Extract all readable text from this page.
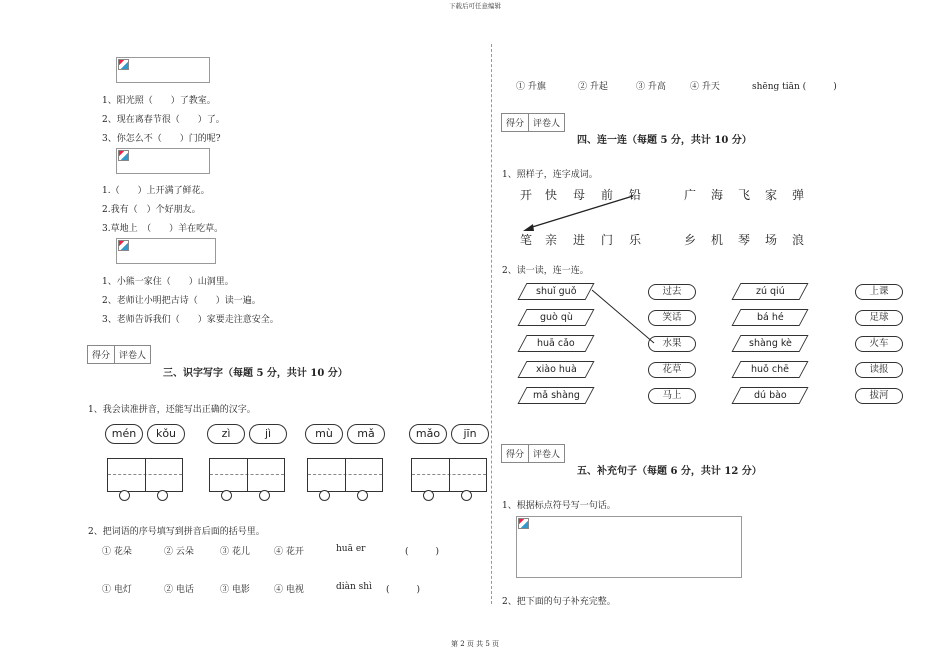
下载后可任意编辑
1、阳光照（　　）了教室。
2、现在离春节很（　　）了。
3、你怎么不（　　）门的呢?
1.（　　）上开满了鲜花。
2.我有（　）个好朋友。
3.草地上　（　　）羊在吃草。
1、小熊一家住（　　）山洞里。
2、老师让小明把古诗（　　）读一遍。
3、老师告诉我们（　　）家要走注意安全。
得分	评卷人
三、识字写字（每题 5 分，共计 10 分）
1、我会读准拼音，还能写出正确的汉字。
mén	kǒu	zì	jì	mù	mǎ	mǎo	jīn
2、把词语的序号填写到拼音后面的括号里。
① 花朵	② 云朵	③ 花儿	④ 花开	huā er	(　　　)
① 电灯	② 电话	③ 电影	④ 电视	diàn shì (　　　)
① 升旗	② 升起	③ 升高	④ 升天	shēng tiān (　　　)
得分	评卷人
四、连一连（每题 5 分，共计 10 分）
1、照样子，连字成词。
开 快 母 前 铅	广 海 飞 家 弹
笔 亲 进 门 乐	乡 机 琴 场 浪
2、读一读，连一连。
shuǐ guǒ	过去	zú qiú	上课
guò qù	笑话	bá hé	足球
huā cǎo	水果	shàng kè	火车
xiào huà	花草	huǒ chē	读报
mǎ shàng	马上	dú bào	拔河
得分	评卷人
五、补充句子（每题 6 分，共计 12 分）
1、根据标点符号写一句话。
2、把下面的句子补充完整。
第 2 页 共 5 页
